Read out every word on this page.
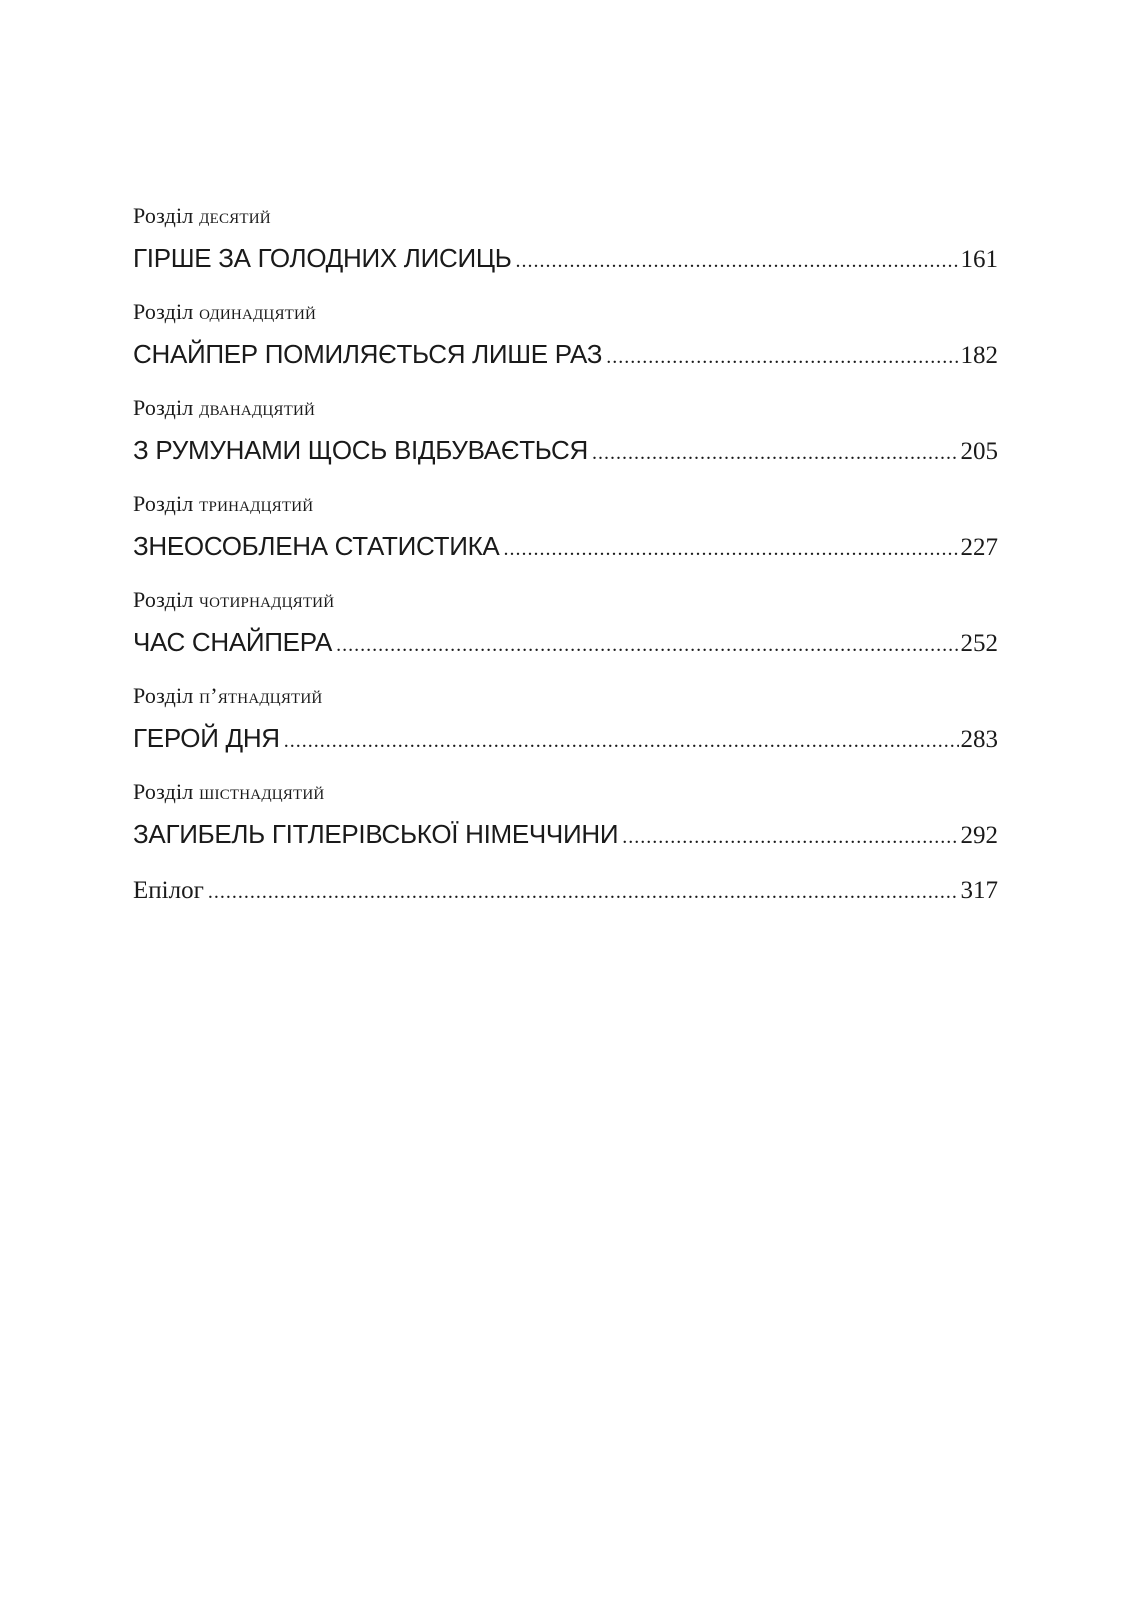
Розділ десятий
ГІРШЕ ЗА ГОЛОДНИХ ЛИСИЦЬ .....	161
Розділ одинадцятий
СНАЙПЕР ПОМИЛЯЄТЬСЯ ЛИШЕ РАЗ .....	182
Розділ дванадцятий
З РУМУНАМИ ЩОСЬ ВІДБУВАЄТЬСЯ .....	205
Розділ тринадцятий
ЗНЕОСОБЛЕНА СТАТИСТИКА .....	227
Розділ чотирнадцятий
ЧАС СНАЙПЕРА .....	252
Розділ п’ятнадцятий
ГЕРОЙ ДНЯ .....	283
Розділ шістнадцятий
ЗАГИБЕЛЬ ГІТЛЕРІВСЬКОЇ НІМЕЧЧИНИ .....	292
Епілог .....	317
